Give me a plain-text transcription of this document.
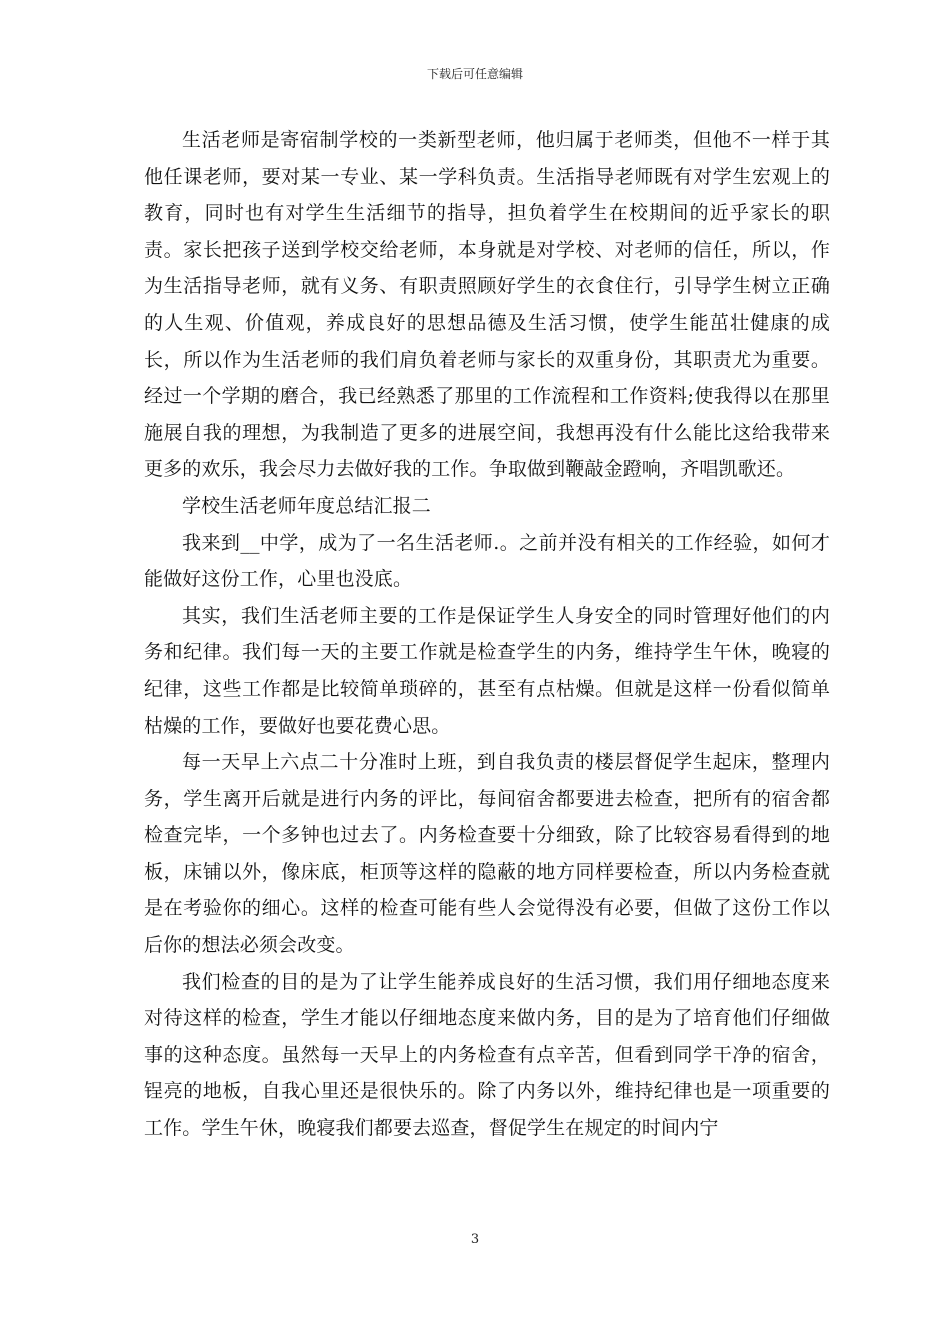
下载后可任意编辑

生活老师是寄宿制学校的一类新型老师，他归属于老师类，但他不一样于其他任课老师，要对某一专业、某一学科负责。生活指导老师既有对学生宏观上的教育，同时也有对学生生活细节的指导，担负着学生在校期间的近乎家长的职责。家长把孩子送到学校交给老师，本身就是对学校、对老师的信任，所以，作为生活指导老师，就有义务、有职责照顾好学生的衣食住行，引导学生树立正确的人生观、价值观，养成良好的思想品德及生活习惯，使学生能茁壮健康的成长，所以作为生活老师的我们肩负着老师与家长的双重身份，其职责尤为重要。经过一个学期的磨合，我已经熟悉了那里的工作流程和工作资料;使我得以在那里施展自我的理想，为我制造了更多的进展空间，我想再没有什么能比这给我带来更多的欢乐，我会尽力去做好我的工作。争取做到鞭敲金蹬响，齐唱凯歌还。

学校生活老师年度总结汇报二

我来到__中学，成为了一名生活老师.。之前并没有相关的工作经验，如何才能做好这份工作，心里也没底。

其实，我们生活老师主要的工作是保证学生人身安全的同时管理好他们的内务和纪律。我们每一天的主要工作就是检查学生的内务，维持学生午休，晚寝的纪律，这些工作都是比较简单琐碎的，甚至有点枯燥。但就是这样一份看似简单枯燥的工作，要做好也要花费心思。

每一天早上六点二十分准时上班，到自我负责的楼层督促学生起床，整理内务，学生离开后就是进行内务的评比，每间宿舍都要进去检查，把所有的宿舍都检查完毕，一个多钟也过去了。内务检查要十分细致，除了比较容易看得到的地板，床铺以外，像床底，柜顶等这样的隐蔽的地方同样要检查，所以内务检查就是在考验你的细心。这样的检查可能有些人会觉得没有必要，但做了这份工作以后你的想法必须会改变。

我们检查的目的是为了让学生能养成良好的生活习惯，我们用仔细地态度来对待这样的检查，学生才能以仔细地态度来做内务，目的是为了培育他们仔细做事的这种态度。虽然每一天早上的内务检查有点辛苦，但看到同学干净的宿舍，锃亮的地板，自我心里还是很快乐的。除了内务以外，维持纪律也是一项重要的工作。学生午休，晚寝我们都要去巡查，督促学生在规定的时间内宁

3
